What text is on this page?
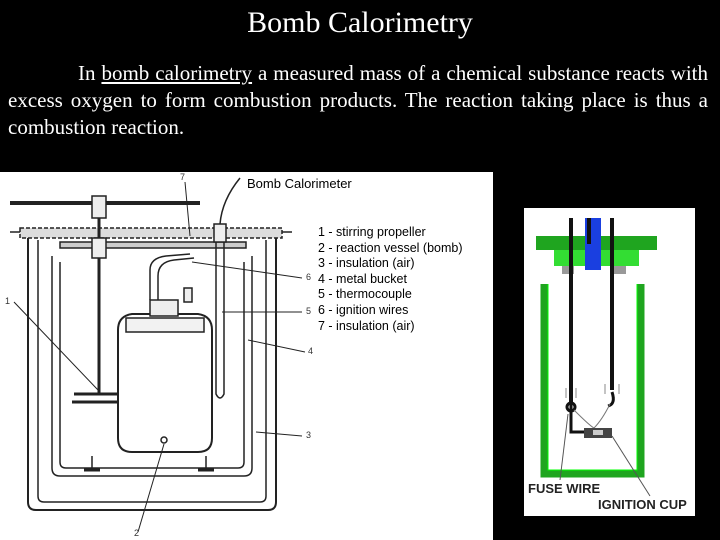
Bomb Calorimetry
In bomb calorimetry a measured mass of a chemical substance reacts with excess oxygen to form combustion products. The reaction taking place is thus a combustion reaction.
Bomb Calorimeter
1 - stirring propeller
2 - reaction vessel (bomb)
3 - insulation (air)
4 - metal bucket
5 - thermocouple
6 - ignition wires
7 - insulation (air)
7
1
6
5
4
3
2
FUSE WIRE
IGNITION CUP
